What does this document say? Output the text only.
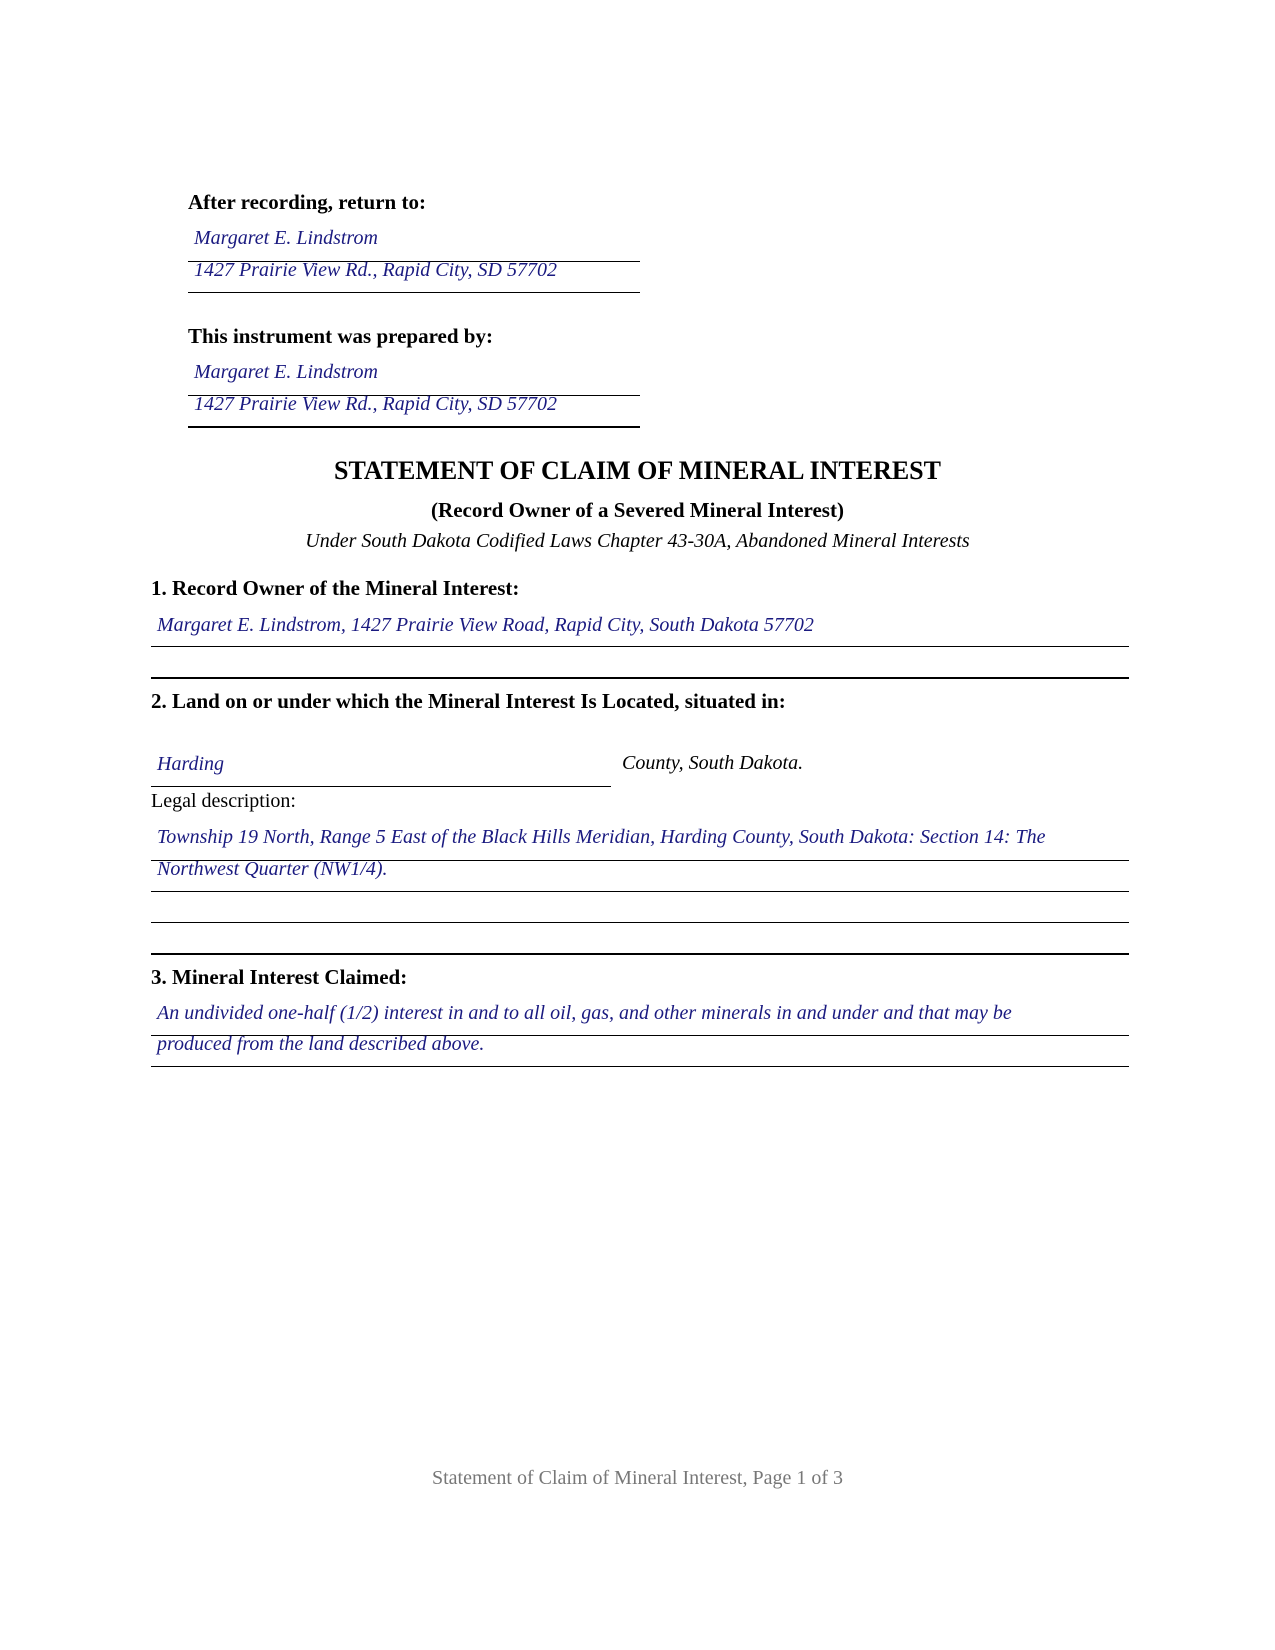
After recording, return to:
Margaret E. Lindstrom
1427 Prairie View Rd., Rapid City, SD 57702
This instrument was prepared by:
Margaret E. Lindstrom
1427 Prairie View Rd., Rapid City, SD 57702
STATEMENT OF CLAIM OF MINERAL INTEREST
(Record Owner of a Severed Mineral Interest)
Under South Dakota Codified Laws Chapter 43-30A, Abandoned Mineral Interests
1. Record Owner of the Mineral Interest:
Margaret E. Lindstrom, 1427 Prairie View Road, Rapid City, South Dakota 57702
2. Land on or under which the Mineral Interest Is Located, situated in:
Harding	County, South Dakota.
Legal description:
Township 19 North, Range 5 East of the Black Hills Meridian, Harding County, South Dakota: Section 14: The
Northwest Quarter (NW1/4).
3. Mineral Interest Claimed:
An undivided one-half (1/2) interest in and to all oil, gas, and other minerals in and under and that may be
produced from the land described above.
Statement of Claim of Mineral Interest, Page 1 of 3
